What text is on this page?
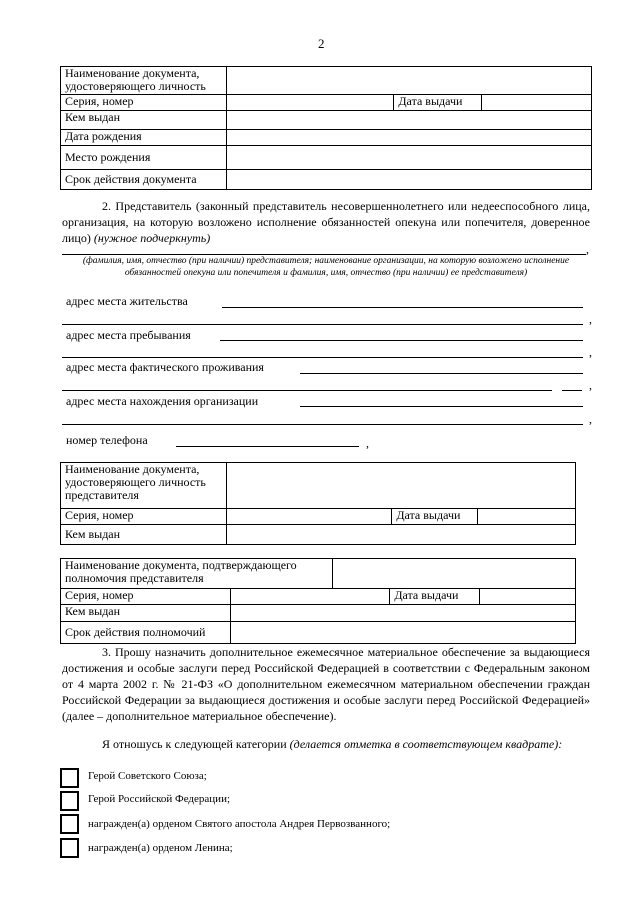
2
Наименование документа, удостоверяющего личность			
Серия, номер		Дата выдачи	
Кем выдан			
Дата рождения			
Место рождения			
Срок действия документа			
2. Представитель (законный представитель несовершеннолетнего или недееспособного лица, организация, на которую возложено исполнение обязанностей опекуна или попечителя, доверенное лицо) (нужное подчеркнуть)
,
(фамилия, имя, отчество (при наличии) представителя; наименование организации, на которую возложено исполнение обязанностей опекуна или попечителя и фамилия, имя, отчество (при наличии) ее представителя)
адрес места жительства
,
адрес места пребывания
,
адрес места фактического проживания
,
адрес места нахождения организации
,
номер телефона	,
Наименование документа, удостоверяющего личность представителя			
Серия, номер		Дата выдачи	
Кем выдан			
Наименование документа, подтверждающего полномочия представителя				
Серия, номер			Дата выдачи	
Кем выдан				
Срок действия полномочий				
3. Прошу назначить дополнительное ежемесячное материальное обеспечение за выдающиеся достижения и особые заслуги перед Российской Федерацией в соответствии с Федеральным законом от 4 марта 2002 г. № 21-ФЗ «О дополнительном ежемесячном материальном обеспечении граждан Российской Федерации за выдающиеся достижения и особые заслуги перед Российской Федерацией» (далее – дополнительное материальное обеспечение).
Я отношусь к следующей категории (делается отметка в соответствующем квадрате):
Герой Советского Союза;
Герой Российской Федерации;
награжден(а) орденом Святого апостола Андрея Первозванного;
награжден(а) орденом Ленина;
